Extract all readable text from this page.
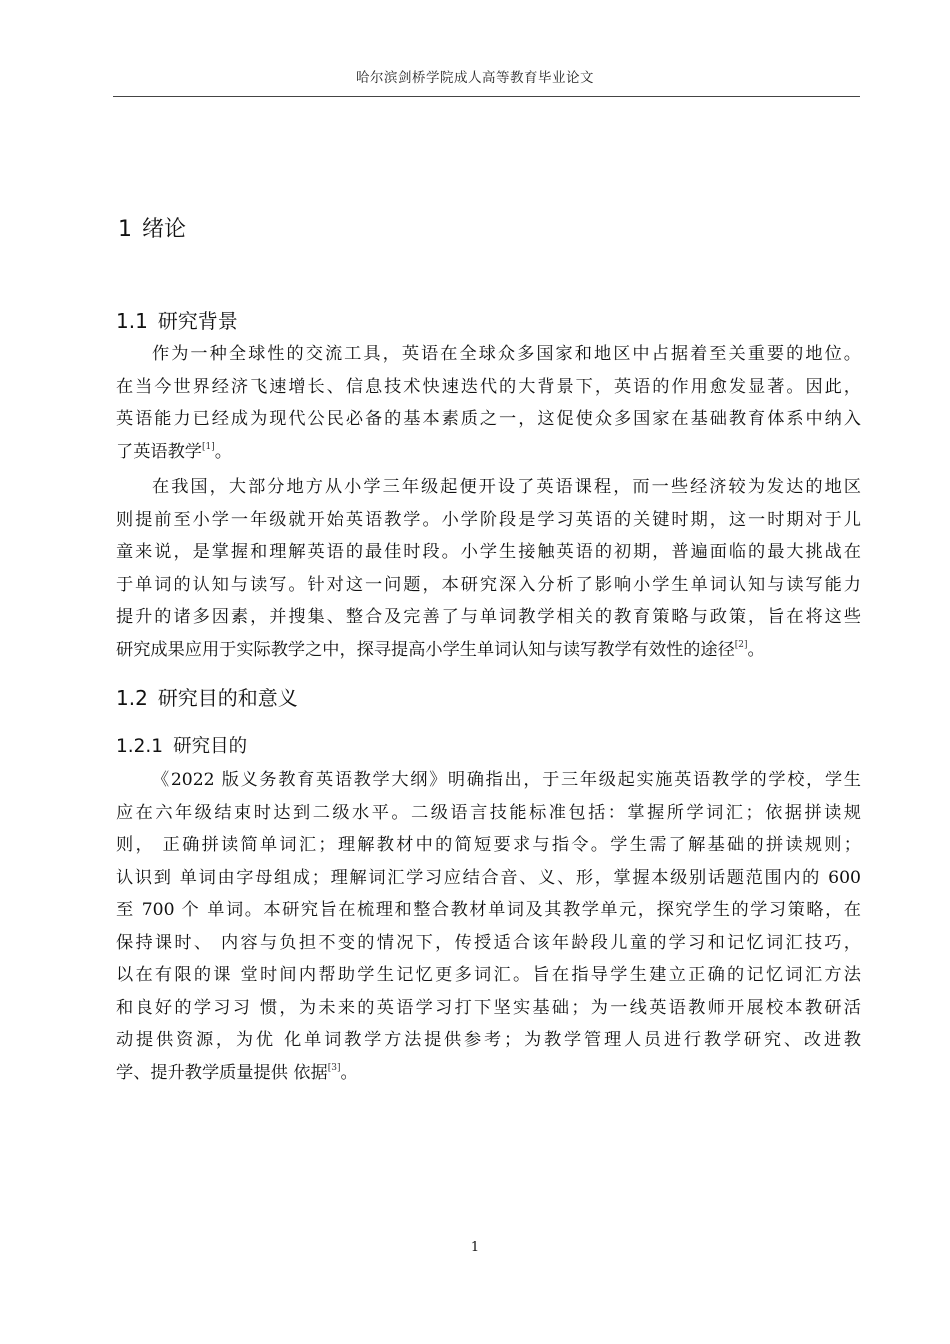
哈尔滨剑桥学院成人高等教育毕业论文
1 绪论
1.1 研究背景
作为一种全球性的交流工具，英语在全球众多国家和地区中占据着至关重要的地位。
在当今世界经济飞速增长、信息技术快速迭代的大背景下，英语的作用愈发显著。因此，
英语能力已经成为现代公民必备的基本素质之一，这促使众多国家在基础教育体系中纳入
了英语教学[1]。
在我国，大部分地方从小学三年级起便开设了英语课程，而一些经济较为发达的地区
则提前至小学一年级就开始英语教学。小学阶段是学习英语的关键时期，这一时期对于儿
童来说，是掌握和理解英语的最佳时段。小学生接触英语的初期，普遍面临的最大挑战在
于单词的认知与读写。针对这一问题，本研究深入分析了影响小学生单词认知与读写能力
提升的诸多因素，并搜集、整合及完善了与单词教学相关的教育策略与政策，旨在将这些
研究成果应用于实际教学之中，探寻提高小学生单词认知与读写教学有效性的途径[2]。
1.2 研究目的和意义
1.2.1 研究目的
《2022 版义务教育英语教学大纲》明确指出，于三年级起实施英语教学的学校，学生
应在六年级结束时达到二级水平。二级语言技能标准包括：掌握所学词汇；依据拼读规
则， 正确拼读简单词汇；理解教材中的简短要求与指令。学生需了解基础的拼读规则；
认识到 单词由字母组成；理解词汇学习应结合音、义、形，掌握本级别话题范围内的 600
至 700 个 单词。本研究旨在梳理和整合教材单词及其教学单元，探究学生的学习策略，在
保持课时、 内容与负担不变的情况下，传授适合该年龄段儿童的学习和记忆词汇技巧，
以在有限的课 堂时间内帮助学生记忆更多词汇。旨在指导学生建立正确的记忆词汇方法
和良好的学习习 惯，为未来的英语学习打下坚实基础；为一线英语教师开展校本教研活
动提供资源，为优 化单词教学方法提供参考；为教学管理人员进行教学研究、改进教
学、提升教学质量提供 依据[3]。
1
